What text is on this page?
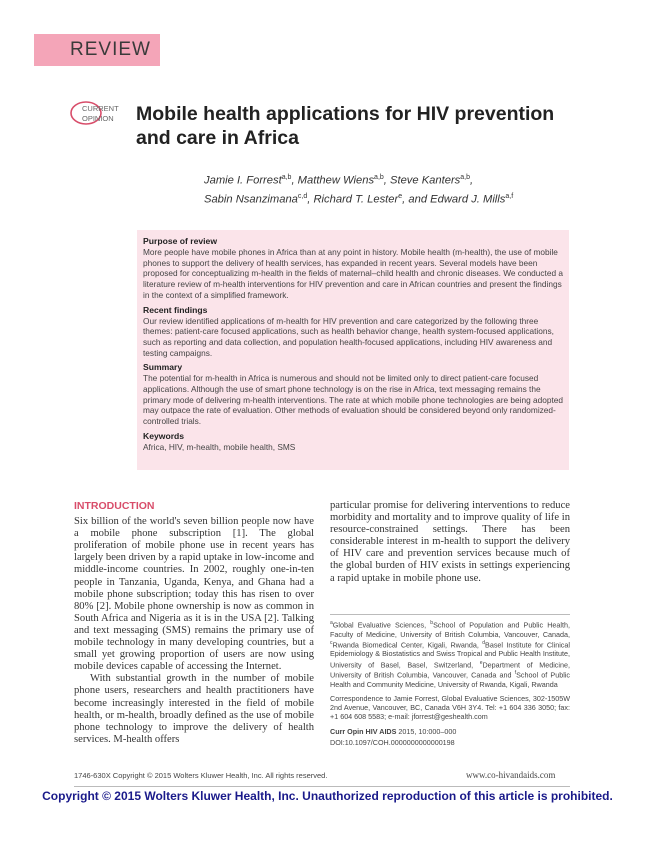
REVIEW
CURRENT
OPINION Mobile health applications for HIV prevention and care in Africa
Jamie I. Forrest$^{a,b}$, Matthew Wiens$^{a,b}$, Steve Kanters$^{a,b}$,
Sabin Nsanzimana$^{c,d}$, Richard T. Lester$^e$, and Edward J. Mills$^{a,f}$
Purpose of review

More people have mobile phones in Africa than at any point in history. Mobile health (m-health), the use of mobile phones to support the delivery of health services, has expanded in recent years. Several models have been proposed for conceptualizing m-health in the fields of maternal–child health and chronic diseases. We conducted a literature review of m-health interventions for HIV prevention and care in African countries and present the findings in the context of a simplified framework.

Recent findings

Our review identified applications of m-health for HIV prevention and care categorized by the following three themes: patient-care focused applications, such as health behavior change, health system-focused applications, such as reporting and data collection, and population health-focused applications, including HIV awareness and testing campaigns.

Summary

The potential for m-health in Africa is numerous and should not be limited only to direct patient-care focused applications. Although the use of smart phone technology is on the rise in Africa, text messaging remains the primary mode of delivering m-health interventions. The rate at which mobile phone technologies are being adopted may outpace the rate of evaluation. Other methods of evaluation should be considered beyond only randomized-controlled trials.

Keywords

Africa, HIV, m-health, mobile health, SMS

INTRODUCTION

Six billion of the world's seven billion people now have a mobile phone subscription [1]. The global proliferation of mobile phone use in recent years has largely been driven by a rapid uptake in low-income and middle-income countries. In 2002, roughly one-in-ten people in Tanzania, Uganda, Kenya, and Ghana had a mobile phone subscription; today this has risen to over 80% [2]. Mobile phone ownership is now as common in South Africa and Nigeria as it is in the USA [2]. Talking and text messaging (SMS) remains the primary use of mobile technology in many developing countries, but a small yet growing proportion of users are now using mobile devices capable of accessing the Internet.

With substantial growth in the number of mobile phone users, researchers and health practitioners have become increasingly interested in the field of mobile health, or m-health, broadly defined as the use of mobile phone technology to improve the delivery of health services. M-health offers

particular promise for delivering interventions to reduce morbidity and mortality and to improve quality of life in resource-constrained settings. There has been considerable interest in m-health to support the delivery of HIV care and prevention services because much of the global burden of HIV exists in settings experiencing a rapid uptake in mobile phone use.

$^a$Global Evaluative Sciences, $^b$School of Population and Public Health, Faculty of Medicine, University of British Columbia, Vancouver, Canada, $^c$Rwanda Biomedical Center, Kigali, Rwanda, $^d$Basel Institute for Clinical Epidemiology & Biostatistics and Swiss Tropical and Public Health Institute, University of Basel, Basel, Switzerland, $^e$Department of Medicine, University of British Columbia, Vancouver, Canada and $^f$School of Public Health and Community Medicine, University of Rwanda, Kigali, Rwanda

Correspondence to Jamie Forrest, Global Evaluative Sciences, 302-1505W 2nd Avenue, Vancouver, BC, Canada V6H 3Y4. Tel: +1 604 336 3050; fax: +1 604 608 5583; e-mail: jforrest@geshealth.com

Curr Opin HIV AIDS 2015, 10:000–000

DOI:10.1097/COH.0000000000000198

1746-630X Copyright © 2015 Wolters Kluwer Health, Inc. All rights reserved.	www.co-hivandaids.com
Copyright © 2015 Wolters Kluwer Health, Inc. Unauthorized reproduction of this article is prohibited.
